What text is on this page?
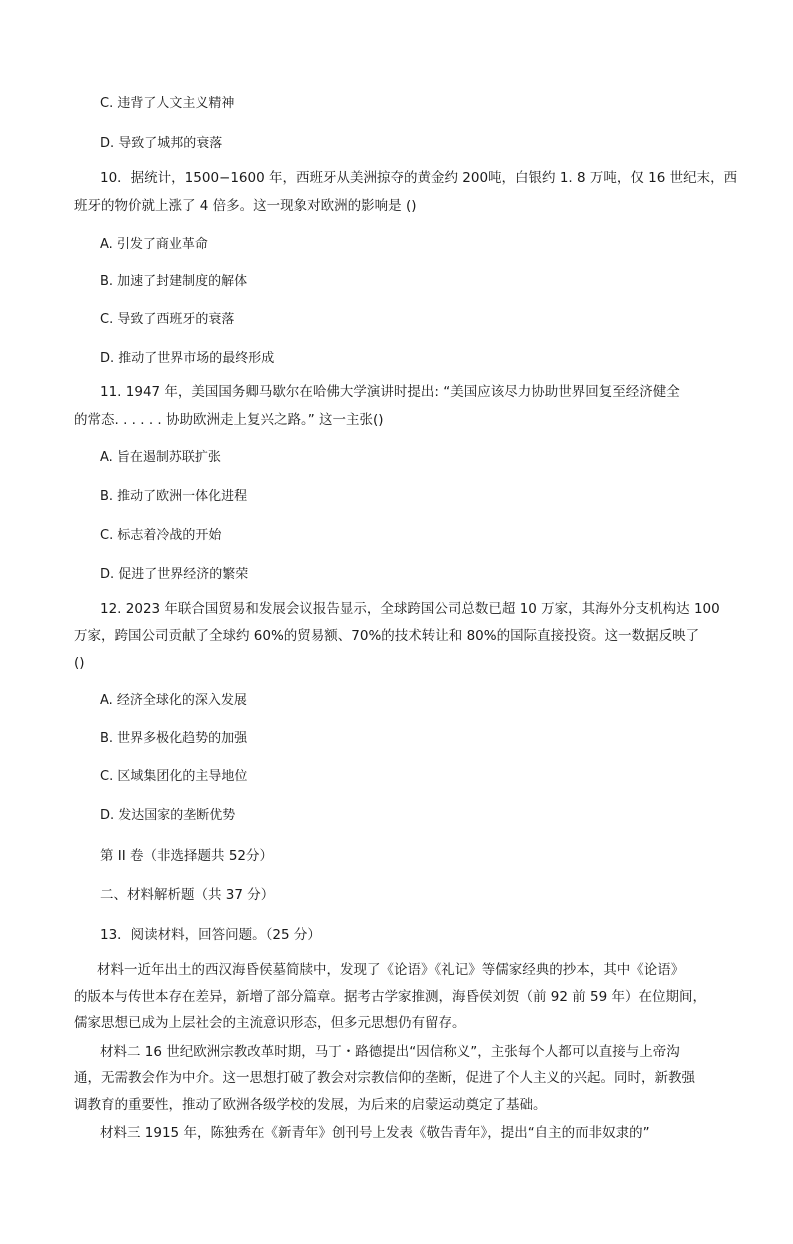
C. 违背了人文主义精神
D. 导致了城邦的衰落
10．据统计，1500−1600 年，西班牙从美洲掠夺的黄金约 200吨，白银约 1. 8 万吨，仅 16 世纪末，西
班牙的物价就上涨了 4 倍多。这一现象对欧洲的影响是 ()
A. 引发了商业革命
B. 加速了封建制度的解体
C. 导致了西班牙的衰落
D. 推动了世界市场的最终形成
11. 1947 年，美国国务卿马歇尔在哈佛大学演讲时提出: “美国应该尽力协助世界回复至经济健全
的常态. . . . . . 协助欧洲走上复兴之路。” 这一主张()
A. 旨在遏制苏联扩张
B. 推动了欧洲一体化进程
C. 标志着冷战的开始
D. 促进了世界经济的繁荣
12. 2023 年联合国贸易和发展会议报告显示，全球跨国公司总数已超 10 万家，其海外分支机构达 100
万家，跨国公司贡献了全球约 60%的贸易额、70%的技术转让和 80%的国际直接投资。这一数据反映了
()
A. 经济全球化的深入发展
B. 世界多极化趋势的加强
C. 区域集团化的主导地位
D. 发达国家的垄断优势
第 II 卷（非选择题共 52分）
二、材料解析题（共 37 分）
13．阅读材料，回答问题。（25 分）
材料一近年出土的西汉海昏侯墓简牍中，发现了《论语》《礼记》等儒家经典的抄本，其中《论语》
的版本与传世本存在差异，新增了部分篇章。据考古学家推测，海昏侯刘贺（前 92 前 59 年）在位期间，
儒家思想已成为上层社会的主流意识形态，但多元思想仍有留存。
材料二 16 世纪欧洲宗教改革时期，马丁・路德提出“因信称义”，主张每个人都可以直接与上帝沟
通，无需教会作为中介。这一思想打破了教会对宗教信仰的垄断，促进了个人主义的兴起。同时，新教强
调教育的重要性，推动了欧洲各级学校的发展，为后来的启蒙运动奠定了基础。
材料三 1915 年，陈独秀在《新青年》创刊号上发表《敬告青年》，提出“自主的而非奴隶的”
